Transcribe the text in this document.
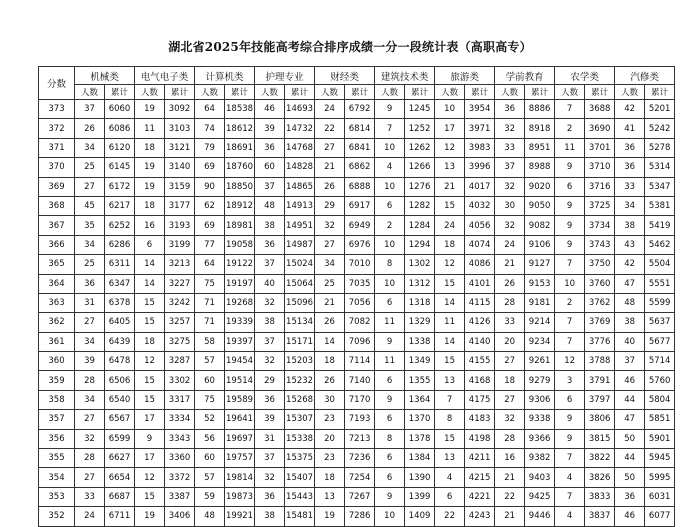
湖北省2025年技能高考综合排序成绩一分一段统计表（高职高专）
分数	机械类		电气电子类		计算机类		护理专业		财经类		建筑技术类		旅游类		学前教育		农学类		汽修类	
	人数	累计	人数	累计	人数	累计	人数	累计	人数	累计	人数	累计	人数	累计	人数	累计	人数	累计	人数	累计
373	37	6060	19	3092	64	18538	46	14693	24	6792	9	1245	10	3954	36	8886	7	3688	42	5201
372	26	6086	11	3103	74	18612	39	14732	22	6814	7	1252	17	3971	32	8918	2	3690	41	5242
371	34	6120	18	3121	79	18691	36	14768	27	6841	10	1262	12	3983	33	8951	11	3701	36	5278
370	25	6145	19	3140	69	18760	60	14828	21	6862	4	1266	13	3996	37	8988	9	3710	36	5314
369	27	6172	19	3159	90	18850	37	14865	26	6888	10	1276	21	4017	32	9020	6	3716	33	5347
368	45	6217	18	3177	62	18912	48	14913	29	6917	6	1282	15	4032	30	9050	9	3725	34	5381
367	35	6252	16	3193	69	18981	38	14951	32	6949	2	1284	24	4056	32	9082	9	3734	38	5419
366	34	6286	6	3199	77	19058	36	14987	27	6976	10	1294	18	4074	24	9106	9	3743	43	5462
365	25	6311	14	3213	64	19122	37	15024	34	7010	8	1302	12	4086	21	9127	7	3750	42	5504
364	36	6347	14	3227	75	19197	40	15064	25	7035	10	1312	15	4101	26	9153	10	3760	47	5551
363	31	6378	15	3242	71	19268	32	15096	21	7056	6	1318	14	4115	28	9181	2	3762	48	5599
362	27	6405	15	3257	71	19339	38	15134	26	7082	11	1329	11	4126	33	9214	7	3769	38	5637
361	34	6439	18	3275	58	19397	37	15171	14	7096	9	1338	14	4140	20	9234	7	3776	40	5677
360	39	6478	12	3287	57	19454	32	15203	18	7114	11	1349	15	4155	27	9261	12	3788	37	5714
359	28	6506	15	3302	60	19514	29	15232	26	7140	6	1355	13	4168	18	9279	3	3791	46	5760
358	34	6540	15	3317	75	19589	36	15268	30	7170	9	1364	7	4175	27	9306	6	3797	44	5804
357	27	6567	17	3334	52	19641	39	15307	23	7193	6	1370	8	4183	32	9338	9	3806	47	5851
356	32	6599	9	3343	56	19697	31	15338	20	7213	8	1378	15	4198	28	9366	9	3815	50	5901
355	28	6627	17	3360	60	19757	37	15375	23	7236	6	1384	13	4211	16	9382	7	3822	44	5945
354	27	6654	12	3372	57	19814	32	15407	18	7254	6	1390	4	4215	21	9403	4	3826	50	5995
353	33	6687	15	3387	59	19873	36	15443	13	7267	9	1399	6	4221	22	9425	7	3833	36	6031
352	24	6711	19	3406	48	19921	38	15481	19	7286	10	1409	22	4243	21	9446	4	3837	46	6077
